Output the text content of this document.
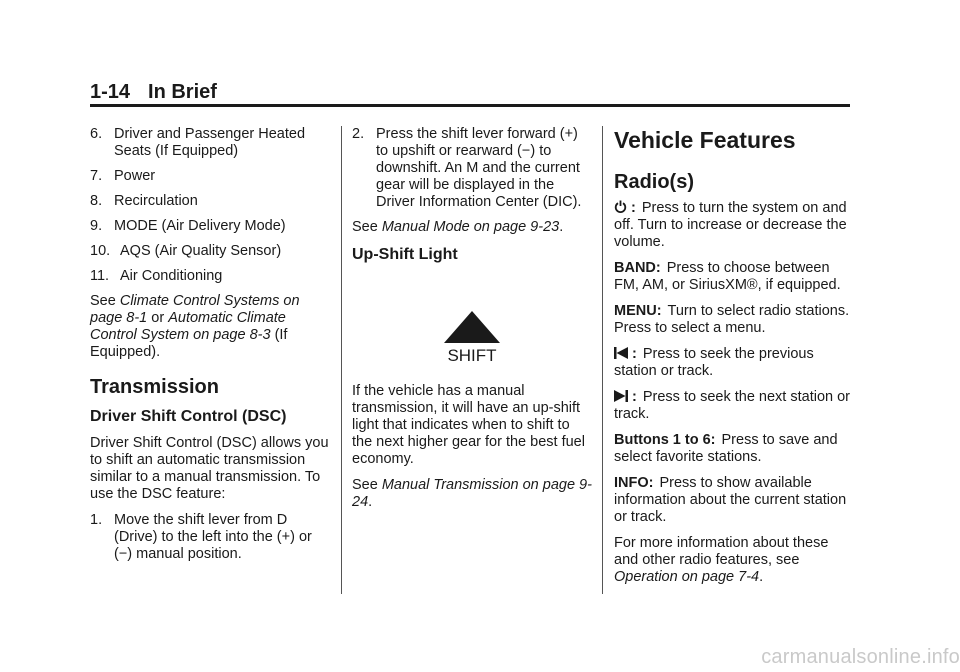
1-14 In Brief
6. Driver and Passenger Heated Seats (If Equipped)
7. Power
8. Recirculation
9. MODE (Air Delivery Mode)
10. AQS (Air Quality Sensor)
11. Air Conditioning

See Climate Control Systems on page 8-1 or Automatic Climate Control System on page 8-3 (If Equipped).

Transmission
Driver Shift Control (DSC)

Driver Shift Control (DSC) allows you to shift an automatic transmission similar to a manual transmission. To use the DSC feature:

1. Move the shift lever from D (Drive) to the left into the (+) or (−) manual position.
2. Press the shift lever forward (+) to upshift or rearward (−) to downshift. An M and the current gear will be displayed in the Driver Information Center (DIC).

See Manual Mode on page 9-23.

Up-Shift Light
SHIFT

If the vehicle has a manual transmission, it will have an up-shift light that indicates when to shift to the next higher gear for the best fuel economy.

See Manual Transmission on page 9-24.

Vehicle Features
Radio(s)

: Press to turn the system on and off. Turn to increase or decrease the volume.

BAND: Press to choose between FM, AM, or SiriusXM®, if equipped.

MENU: Turn to select radio stations. Press to select a menu.

: Press to seek the previous station or track.

: Press to seek the next station or track.

Buttons 1 to 6: Press to save and select favorite stations.

INFO: Press to show available information about the current station or track.

For more information about these and other radio features, see Operation on page 7-4.

carmanualsonline.info
